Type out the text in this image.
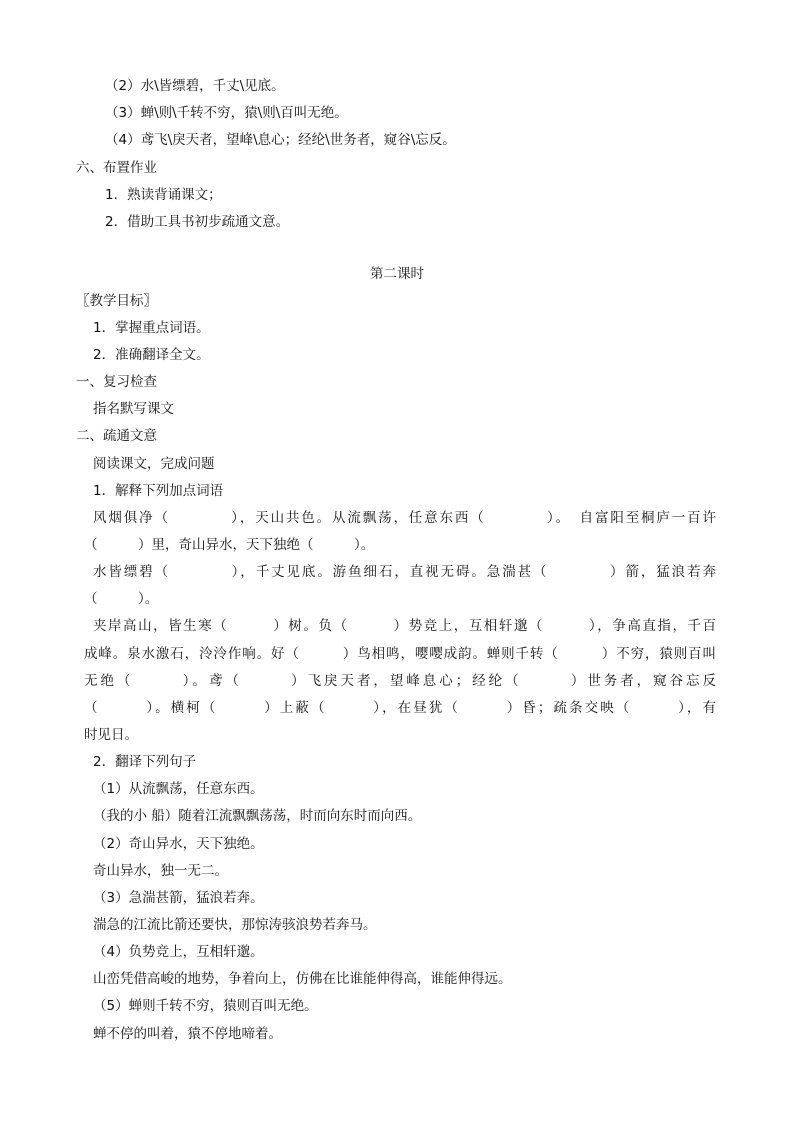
（2）水\皆缥碧，千丈\见底。
（3）蝉\则\千转不穷，猿\则\百叫无绝。
（4）鸢飞\戾天者，望峰\息心；经纶\世务者，窥谷\忘反。
六、布置作业
1．熟读背诵课文；
2．借助工具书初步疏通文意。
第二课时
〖教学目标〗
1．掌握重点词语。
2．准确翻译全文。
一、复习检查
指名默写课文
二、疏通文意
阅读课文，完成问题
1．解释下列加点词语
风烟俱净（　　　　），天山共色。从流飘荡，任意东西（　　　　）。　自富阳至桐庐一百许
（　　　）里，奇山异水，天下独绝（　　　）。
水皆缥碧（　　　　），千丈见底。游鱼细石，直视无碍。急湍甚（　　　　）箭，猛浪若奔
（　　　）。
夹岸高山，皆生寒（　　　）树。负（　　　）势竞上，互相轩邈（　　　），争高直指，千百
成峰。泉水激石，泠泠作响。好（　　　）鸟相鸣，嘤嘤成韵。蝉则千转（　　　）不穷，猿则百叫
无绝（　　　）。鸢（　　　）飞戾天者，望峰息心；经纶（　　　）世务者，窥谷忘反
（　　　）。横柯（　　　）上蔽（　　　），在昼犹（　　　）昏；疏条交映（　　　），有
时见日。
2．翻译下列句子
（1）从流飘荡，任意东西。
（我的小 船）随着江流飘飘荡荡，时而向东时而向西。
（2）奇山异水，天下独绝。
奇山异水，独一无二。
（3）急湍甚箭，猛浪若奔。
湍急的江流比箭还要快，那惊涛骇浪势若奔马。
（4）负势竞上，互相轩邈。
山峦凭借高峻的地势，争着向上，仿佛在比谁能伸得高，谁能伸得远。
（5）蝉则千转不穷，猿则百叫无绝。
蝉不停的叫着，猿不停地啼着。
